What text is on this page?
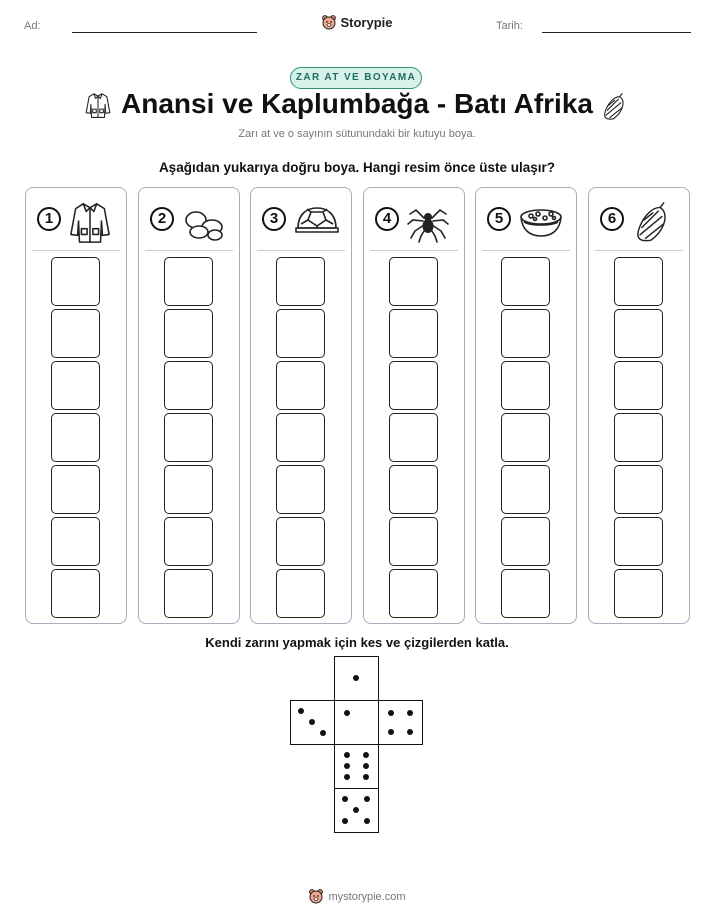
Ad:	Storypie	Tarih:
ZAR AT VE BOYAMA
Anansi ve Kaplumbağa - Batı Afrika
Zarı at ve o sayının sütunundaki bir kutuyu boya.
Aşağıdan yukarıya doğru boya. Hangi resim önce üste ulaşır?
1	2	3	4	5	6
Kendi zarını yapmak için kes ve çizgilerden katla.
mystorypie.com
